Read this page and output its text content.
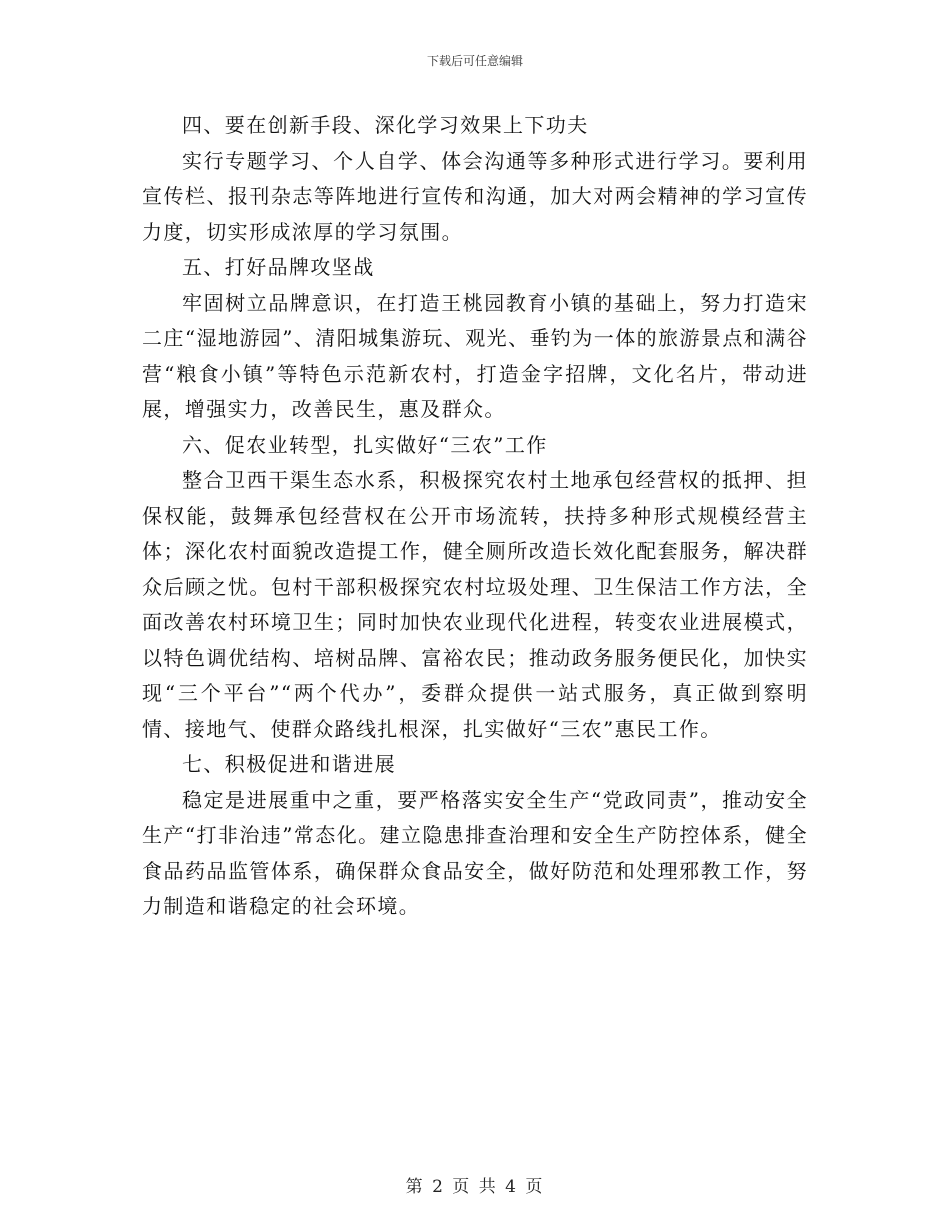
下载后可任意编辑

四、要在创新手段、深化学习效果上下功夫

实行专题学习、个人自学、体会沟通等多种形式进行学习。要利用宣传栏、报刊杂志等阵地进行宣传和沟通，加大对两会精神的学习宣传力度，切实形成浓厚的学习氛围。

五、打好品牌攻坚战

牢固树立品牌意识，在打造王桃园教育小镇的基础上，努力打造宋二庄“湿地游园”、清阳城集游玩、观光、垂钓为一体的旅游景点和满谷营“粮食小镇”等特色示范新农村，打造金字招牌，文化名片，带动进展，增强实力，改善民生，惠及群众。

六、促农业转型，扎实做好“三农”工作

整合卫西干渠生态水系，积极探究农村土地承包经营权的抵押、担保权能，鼓舞承包经营权在公开市场流转，扶持多种形式规模经营主体；深化农村面貌改造提工作，健全厕所改造长效化配套服务，解决群众后顾之忧。包村干部积极探究农村垃圾处理、卫生保洁工作方法，全面改善农村环境卫生；同时加快农业现代化进程，转变农业进展模式，以特色调优结构、培树品牌、富裕农民；推动政务服务便民化，加快实现“三个平台”“两个代办”，委群众提供一站式服务，真正做到察明情、接地气、使群众路线扎根深，扎实做好“三农”惠民工作。

七、积极促进和谐进展

稳定是进展重中之重，要严格落实安全生产“党政同责”，推动安全生产“打非治违”常态化。建立隐患排查治理和安全生产防控体系，健全食品药品监管体系，确保群众食品安全，做好防范和处理邪教工作，努力制造和谐稳定的社会环境。

第 2 页 共 4 页
